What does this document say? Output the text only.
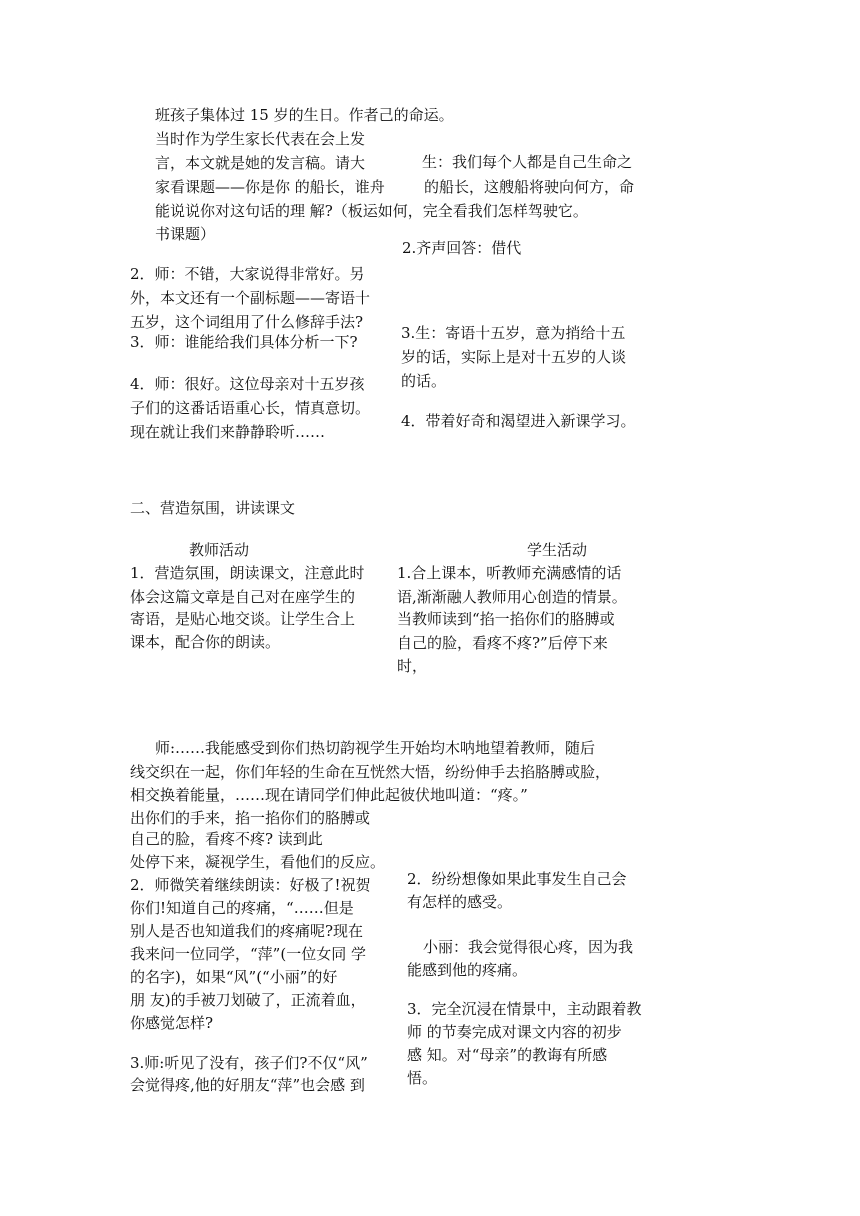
班孩子集体过 15 岁的生日。作者己的命运。
当时作为学生家长代表在会上发
言，本文就是她的发言稿。请大
家看课题——你是你 的船长，谁舟
能说说你对这句话的理 解?（板运如何，完全看我们怎样驾驶它。
书课题）
2．师：不错，大家说得非常好。另
外，本文还有一个副标题——寄语十
五岁，这个词组用了什么修辞手法?
3．师：谁能给我们具体分析一下?
4．师：很好。这位母亲对十五岁孩
子们的这番话语重心长，情真意切。
现在就让我们来静静聆听……
生：我们每个人都是自己生命之
的船长，这艘船将驶向何方，命
2.齐声回答：借代
3.生：寄语十五岁，意为捎给十五
岁的话，实际上是对十五岁的人谈
的话。
4．带着好奇和渴望进入新课学习。
二、营造氛围，讲读课文
教师活动	学生活动
1．营造氛围，朗读课文，注意此时
体会这篇文章是自己对在座学生的
寄语，是贴心地交谈。让学生合上
课本，配合你的朗读。
1.合上课本，听教师充满感情的话
语,渐渐融人教师用心创造的情景。
当教师读到“掐一掐你们的胳膊或
自己的脸，看疼不疼?”后停下来
时，
师:……我能感受到你们热切韵视学生开始均木呐地望着教师，随后
线交织在一起，你们年轻的生命在互恍然大悟，纷纷伸手去掐胳膊或脸，
相交换着能量，……现在请同学们伸此起彼伏地叫道：“疼。”
出你们的手来，掐一掐你们的胳膊或
自己的脸，看疼不疼? 读到此
处停下来，凝视学生，看他们的反应。
2．师微笑着继续朗读：好极了!祝贺
你们!知道自己的疼痛，“……但是
别人是否也知道我们的疼痛呢?现在
我来问一位同学，“萍”(一位女同 学
的名字)，如果“风”(“小丽”的好
朋 友)的手被刀划破了，正流着血，
你感觉怎样?
3.师:听见了没有，孩子们?不仅“风”
会觉得疼,他的好朋友“萍”也会感 到
2．纷纷想像如果此事发生自己会
有怎样的感受。
小丽：我会觉得很心疼，因为我
能感到他的疼痛。
3．完全沉浸在情景中，主动跟着教
师 的节奏完成对课文内容的初步
感 知。对“母亲”的教诲有所感
悟。
